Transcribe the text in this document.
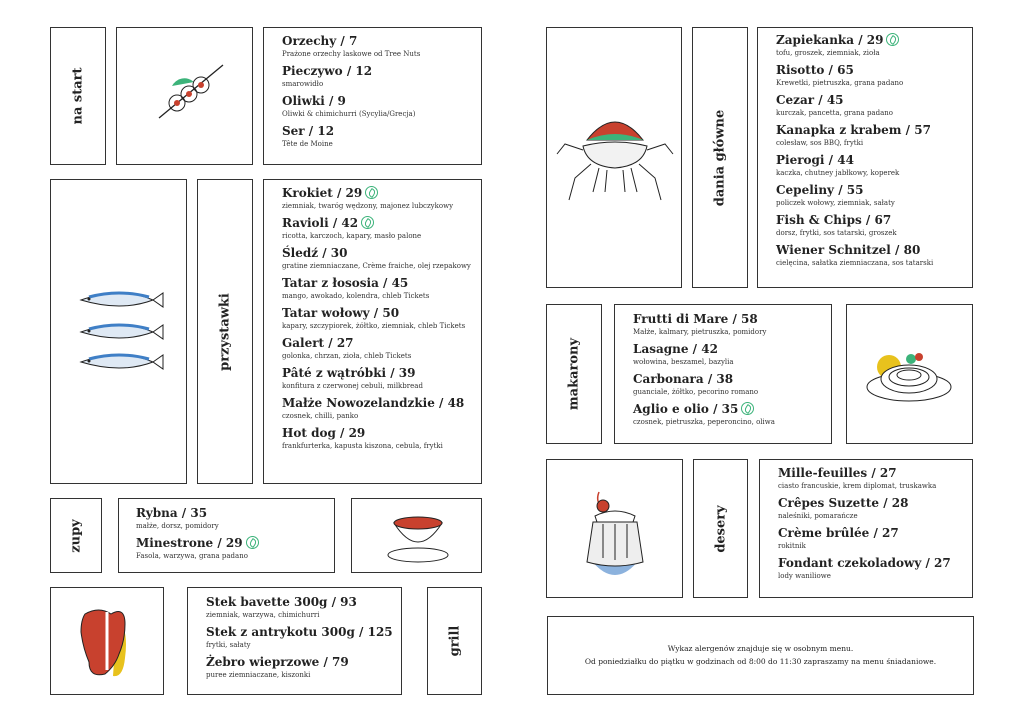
na start
Orzechy / 7
Prażone orzechy laskowe od Tree Nuts
Pieczywo / 12
smarowidło
Oliwki / 9
Oliwki & chimichurri (Sycylia/Grecja)
Ser / 12
Tête de Moine
przystawki
Krokiet / 29
ziemniak, twaróg wędzony, majonez lubczykowy
Ravioli / 42
ricotta, karczoch, kapary, masło palone
Śledź / 30
gratine ziemniaczane, Crème fraiche, olej rzepakowy
Tatar z łososia / 45
mango, awokado, kolendra, chleb Tickets
Tatar wołowy / 50
kapary, szczypiorek, żółtko, ziemniak, chleb Tickets
Galert / 27
golonka, chrzan, zioła, chleb Tickets
Pâté z wątróbki / 39
konfitura z czerwonej cebuli, milkbread
Małże Nowozelandzkie / 48
czosnek, chilli, panko
Hot dog / 29
frankfurterka, kapusta kiszona, cebula, frytki
zupy
Rybna / 35
małże, dorsz, pomidory
Minestrone / 29
Fasola, warzywa, grana padano
Stek bavette 300g / 93
ziemniak, warzywa, chimichurri
Stek z antrykotu 300g / 125
frytki, sałaty
Żebro wieprzowe / 79
puree ziemniaczane, kiszonki
grill
dania główne
Zapiekanka / 29
tofu, groszek, ziemniak, zioła
Risotto / 65
Krewetki, pietruszka, grana padano
Cezar / 45
kurczak, pancetta, grana padano
Kanapka z krabem / 57
colesław, sos BBQ, frytki
Pierogi / 44
kaczka, chutney jabłkowy, koperek
Cepeliny / 55
policzek wołowy, ziemniak, sałaty
Fish & Chips / 67
dorsz, frytki, sos tatarski, groszek
Wiener Schnitzel / 80
cielęcina, sałatka ziemniaczana, sos tatarski
makarony
Frutti di Mare / 58
Małże, kalmary, pietruszka, pomidory
Lasagne / 42
wołowina, beszamel, bazylia
Carbonara / 38
guanciale, żółtko, pecorino romano
Aglio e olio / 35
czosnek, pietruszka, peperoncino, oliwa
desery
Mille-feuilles / 27
ciasto francuskie, krem diplomat, truskawka
Crêpes Suzette / 28
naleśniki, pomarańcze
Crème brûlée / 27
rokitnik
Fondant czekoladowy / 27
lody waniliowe
Wykaz alergenów znajduje się w osobnym menu.
Od poniedziałku do piątku w godzinach od 8:00 do 11:30 zapraszamy na menu śniadaniowe.
